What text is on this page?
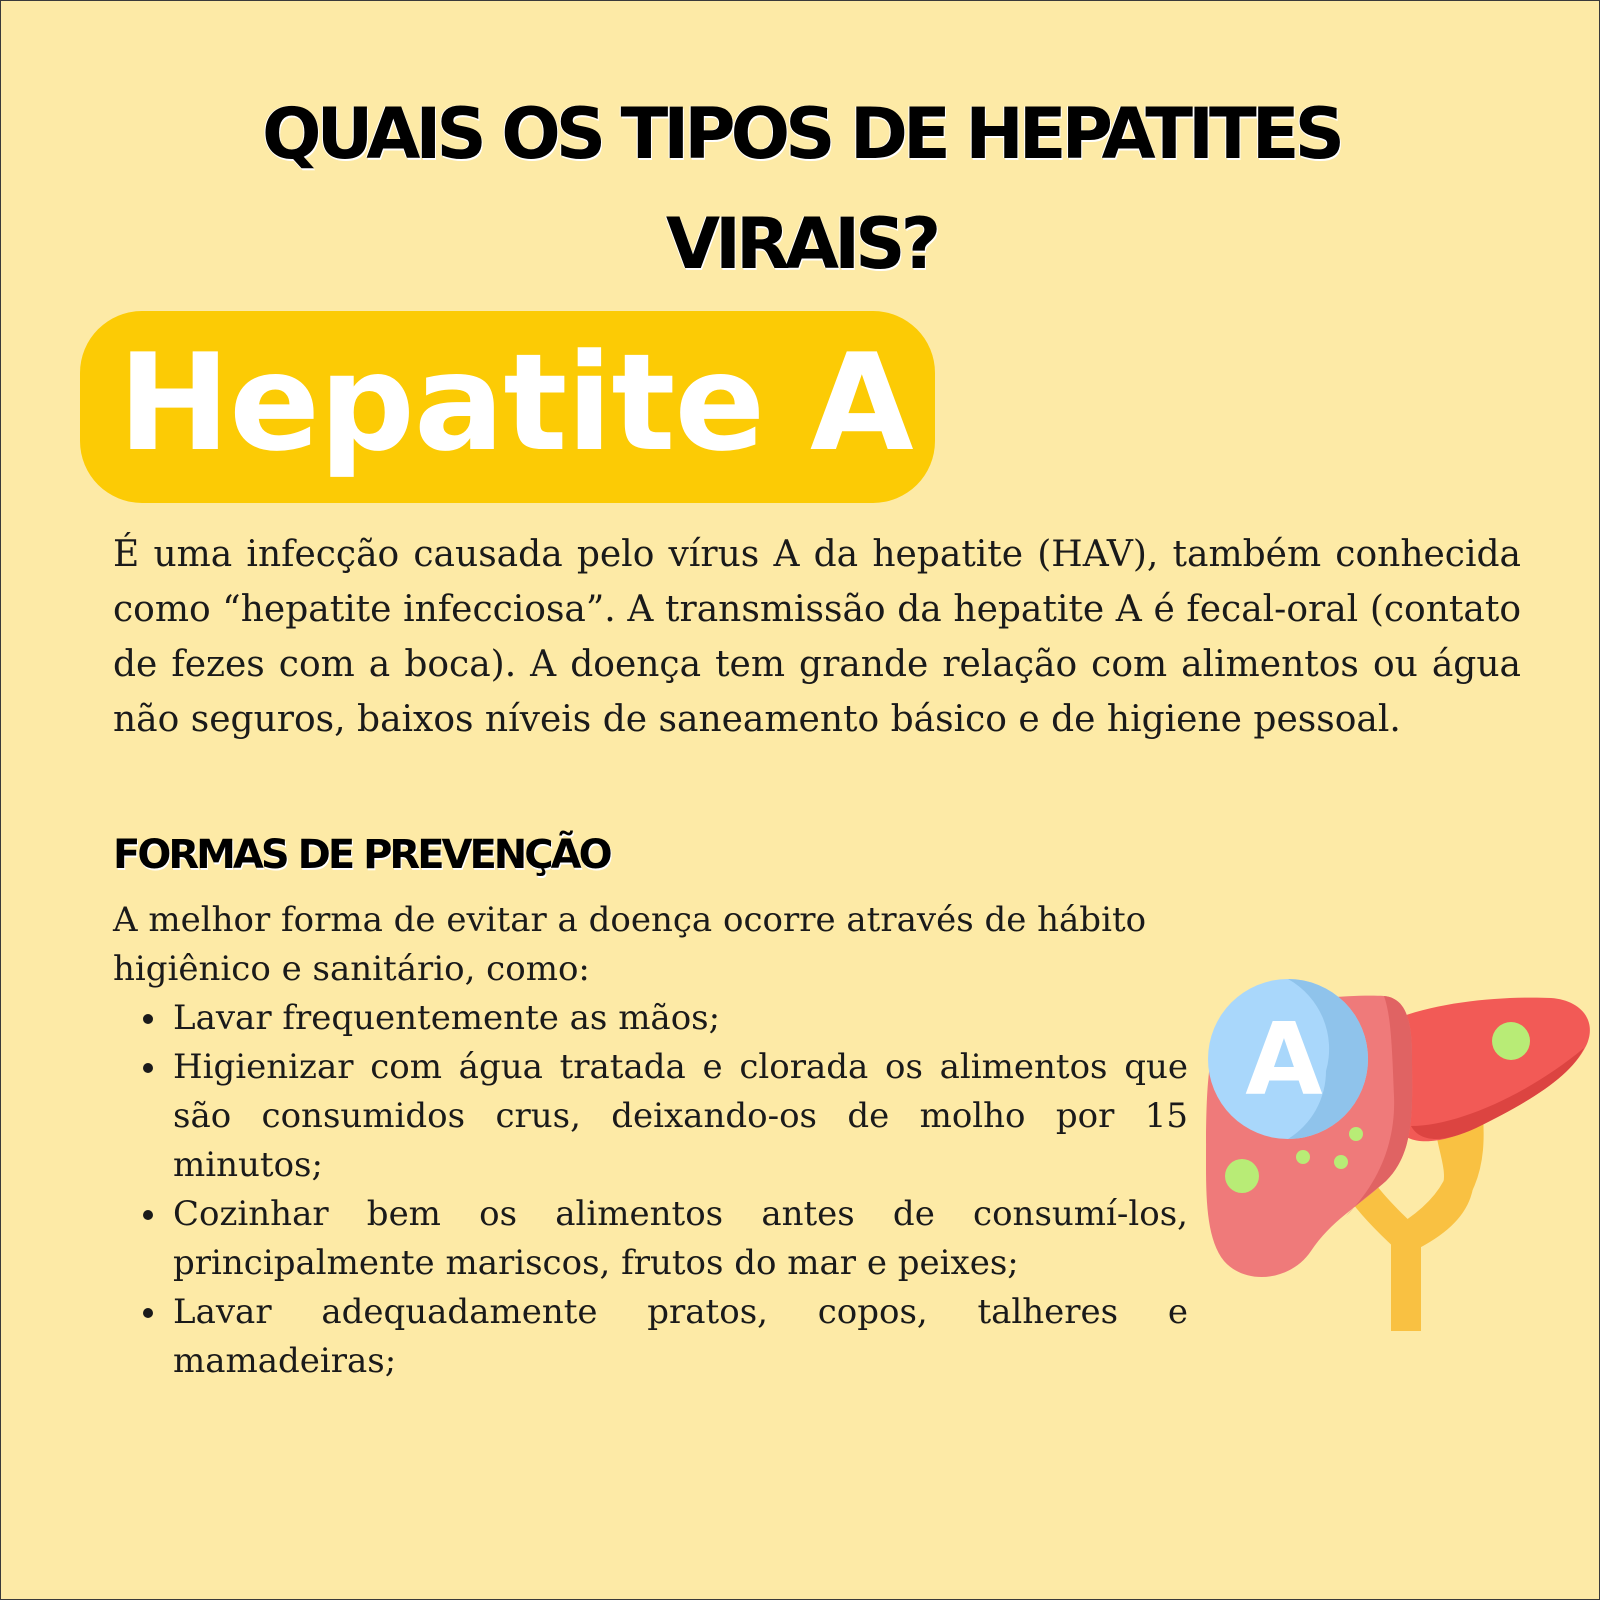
QUAIS OS TIPOS DE HEPATITES
VIRAIS?
Hepatite A

É uma infecção causada pelo vírus A da hepatite (HAV), também conhecida como “hepatite infecciosa”. A transmissão da hepatite A é fecal-oral (contato de fezes com a boca). A doença tem grande relação com alimentos ou água não seguros, baixos níveis de saneamento básico e de higiene pessoal.

FORMAS DE PREVENÇÃO

A melhor forma de evitar a doença ocorre através de hábito higiênico e sanitário, como:

Lavar frequentemente as mãos;
Higienizar com água tratada e clorada os alimentos que são consumidos crus, deixando-os de molho por 15 minutos;
Cozinhar bem os alimentos antes de consumí-los, principalmente mariscos, frutos do mar e peixes;
Lavar adequadamente pratos, copos, talheres e mamadeiras;
A
